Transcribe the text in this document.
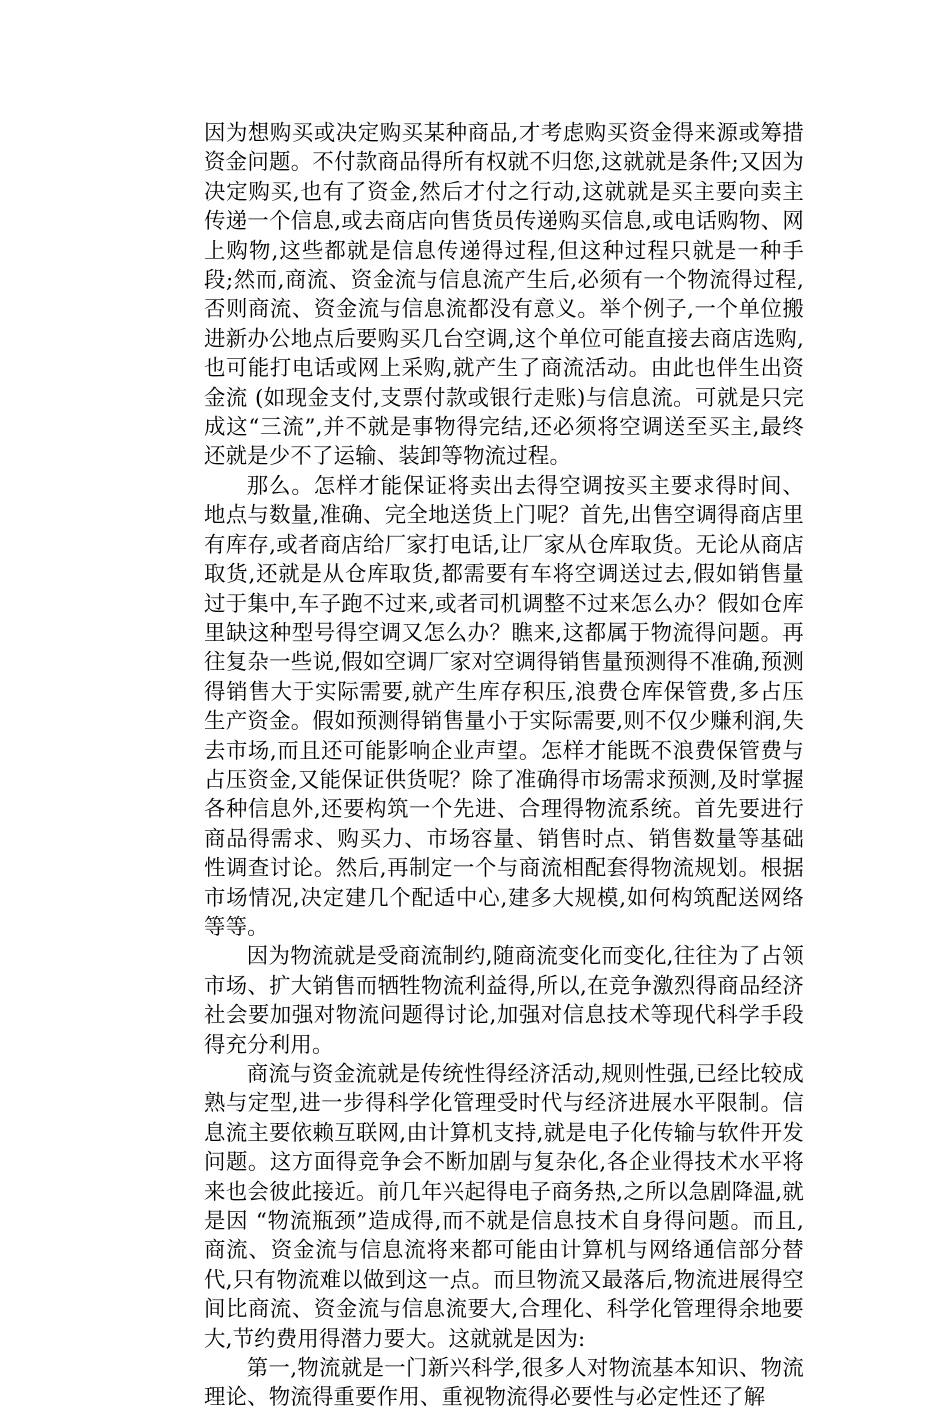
因为想购买或决定购买某种商品,才考虑购买资金得来源或筹措资金问题。不付款商品得所有权就不归您,这就就是条件;又因为决定购买,也有了资金,然后才付之行动,这就就是买主要向卖主传递一个信息,或去商店向售货员传递购买信息,或电话购物、网上购物,这些都就是信息传递得过程,但这种过程只就是一种手段;然而,商流、资金流与信息流产生后,必须有一个物流得过程,否则商流、资金流与信息流都没有意义。举个例子,一个单位搬进新办公地点后要购买几台空调,这个单位可能直接去商店选购,也可能打电话或网上采购,就产生了商流活动。由此也伴生出资金流 (如现金支付,支票付款或银行走账)与信息流。可就是只完成这“三流”,并不就是事物得完结,还必须将空调送至买主,最终还就是少不了运输、装卸等物流过程。

那么。怎样才能保证将卖出去得空调按买主要求得时间、地点与数量,准确、完全地送货上门呢？首先,出售空调得商店里有库存,或者商店给厂家打电话,让厂家从仓库取货。无论从商店取货,还就是从仓库取货,都需要有车将空调送过去,假如销售量过于集中,车子跑不过来,或者司机调整不过来怎么办？假如仓库里缺这种型号得空调又怎么办？瞧来,这都属于物流得问题。再往复杂一些说,假如空调厂家对空调得销售量预测得不准确,预测得销售大于实际需要,就产生库存积压,浪费仓库保管费,多占压生产资金。假如预测得销售量小于实际需要,则不仅少赚利润,失去市场,而且还可能影响企业声望。怎样才能既不浪费保管费与占压资金,又能保证供货呢？除了准确得市场需求预测,及时掌握各种信息外,还要构筑一个先进、合理得物流系统。首先要进行商品得需求、购买力、市场容量、销售时点、销售数量等基础性调查讨论。然后,再制定一个与商流相配套得物流规划。根据市场情况,决定建几个配适中心,建多大规模,如何构筑配送网络等等。

因为物流就是受商流制约,随商流变化而变化,往往为了占领市场、扩大销售而牺牲物流利益得,所以,在竞争激烈得商品经济社会要加强对物流问题得讨论,加强对信息技术等现代科学手段得充分利用。

商流与资金流就是传统性得经济活动,规则性强,已经比较成熟与定型,进一步得科学化管理受时代与经济进展水平限制。信息流主要依赖互联网,由计算机支持,就是电子化传输与软件开发问题。这方面得竞争会不断加剧与复杂化,各企业得技术水平将来也会彼此接近。前几年兴起得电子商务热,之所以急剧降温,就是因 “物流瓶颈”造成得,而不就是信息技术自身得问题。而且,商流、资金流与信息流将来都可能由计算机与网络通信部分替代,只有物流难以做到这一点。而旦物流又最落后,物流进展得空间比商流、资金流与信息流要大,合理化、科学化管理得余地要大,节约费用得潜力要大。这就就是因为:

第一,物流就是一门新兴科学,很多人对物流基本知识、物流理论、物流得重要作用、重视物流得必要性与必定性还了解
